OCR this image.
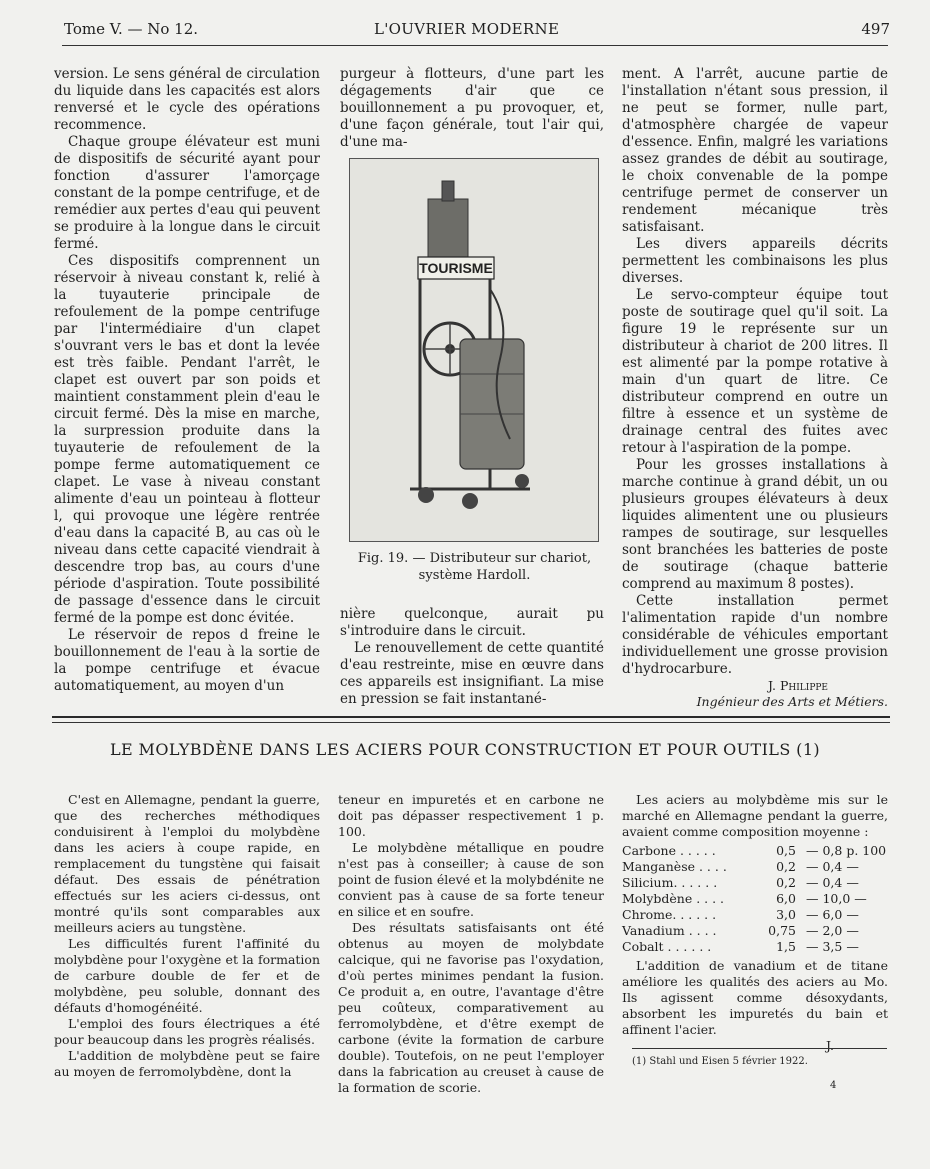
Tome V. — No 12.	L'OUVRIER MODERNE	497

version. Le sens général de circulation du liquide dans les capacités est alors renversé et le cycle des opérations recommence.

Chaque groupe élévateur est muni de dispositifs de sécurité ayant pour fonction d'assurer l'amorçage constant de la pompe centrifuge, et de remédier aux pertes d'eau qui peuvent se produire à la longue dans le circuit fermé.

Ces dispositifs comprennent un réservoir à niveau constant k, relié à la tuyauterie principale de refoulement de la pompe centrifuge par l'intermédiaire d'un clapet s'ouvrant vers le bas et dont la levée est très faible. Pendant l'arrêt, le clapet est ouvert par son poids et maintient constamment plein d'eau le circuit fermé. Dès la mise en marche, la surpression produite dans la tuyauterie de refoulement de la pompe ferme automatiquement ce clapet. Le vase à niveau constant alimente d'eau un pointeau à flotteur l, qui provoque une légère rentrée d'eau dans la capacité B, au cas où le niveau dans cette capacité viendrait à descendre trop bas, au cours d'une période d'aspiration. Toute possibilité de passage d'essence dans le circuit fermé de la pompe est donc évitée.

Le réservoir de repos d freine le bouillonnement de l'eau à la sortie de la pompe centrifuge et évacue automatiquement, au moyen d'un

purgeur à flotteurs, d'une part les dégagements d'air que ce bouillonnement a pu provoquer, et, d'une façon générale, tout l'air qui, d'une ma-

TOURISME
Fig. 19. — Distributeur sur chariot,
système Hardoll.

nière quelconque, aurait pu s'introduire dans le circuit.

Le renouvellement de cette quantité d'eau restreinte, mise en œuvre dans ces appareils est insignifiant. La mise en pression se fait instantané-

ment. A l'arrêt, aucune partie de l'installation n'étant sous pression, il ne peut se former, nulle part, d'atmosphère chargée de vapeur d'essence. Enfin, malgré les variations assez grandes de débit au soutirage, le choix convenable de la pompe centrifuge permet de conserver un rendement mécanique très satisfaisant.

Les divers appareils décrits permettent les combinaisons les plus diverses.

Le servo-compteur équipe tout poste de soutirage quel qu'il soit. La figure 19 le représente sur un distributeur à chariot de 200 litres. Il est alimenté par la pompe rotative à main d'un quart de litre. Ce distributeur comprend en outre un filtre à essence et un système de drainage central des fuites avec retour à l'aspiration de la pompe.

Pour les grosses installations à marche continue à grand débit, un ou plusieurs groupes élévateurs à deux liquides alimentent une ou plusieurs rampes de soutirage, sur lesquelles sont branchées les batteries de poste de soutirage (chaque batterie comprend au maximum 8 postes).

Cette installation permet l'alimentation rapide d'un nombre considérable de véhicules emportant individuellement une grosse provision d'hydrocarbure.

J. Philippe
Ingénieur des Arts et Métiers.
LE MOLYBDÈNE DANS LES ACIERS POUR CONSTRUCTION ET POUR OUTILS (1)

C'est en Allemagne, pendant la guerre, que des recherches méthodiques conduisirent à l'emploi du molybdène dans les aciers à coupe rapide, en remplacement du tungstène qui faisait défaut. Des essais de pénétration effectués sur les aciers ci-dessus, ont montré qu'ils sont comparables aux meilleurs aciers au tungstène.

Les difficultés furent l'affinité du molybdène pour l'oxygène et la formation de carbure double de fer et de molybdène, peu soluble, donnant des défauts d'homogénéité.

L'emploi des fours électriques a été pour beaucoup dans les progrès réalisés.

L'addition de molybdène peut se faire au moyen de ferromolybdène, dont la

teneur en impuretés et en carbone ne doit pas dépasser respectivement 1 p. 100.

Le molybdène métallique en poudre n'est pas à conseiller; à cause de son point de fusion élevé et la molybdénite ne convient pas à cause de sa forte teneur en silice et en soufre.

Des résultats satisfaisants ont été obtenus au moyen de molybdate calcique, qui ne favorise pas l'oxydation, d'où pertes minimes pendant la fusion. Ce produit a, en outre, l'avantage d'être peu coûteux, comparativement au ferromolybdène, et d'être exempt de carbone (évite la formation de carbure double). Toutefois, on ne peut l'employer dans la fabrication au creuset à cause de la formation de scorie.

Les aciers au molybdème mis sur le marché en Allemagne pendant la guerre, avaient comme composition moyenne :

Carbone . . . . .	0,5	— 0,8 p. 100
Manganèse . . . .	0,2	— 0,4 —
Silicium. . . . . .	0,2	— 0,4 —
Molybdène . . . .	6,0	— 10,0 —
Chrome. . . . . .	3,0	— 6,0 —
Vanadium . . . .	0,75	— 2,0 —
Cobalt . . . . . .	1,5	— 3,5 —

L'addition de vanadium et de titane améliore les qualités des aciers au Mo. Ils agissent comme désoxydants, absorbent les impuretés du bain et affinent l'acier.

J.
(1) Stahl und Eisen 5 février 1922.
4
